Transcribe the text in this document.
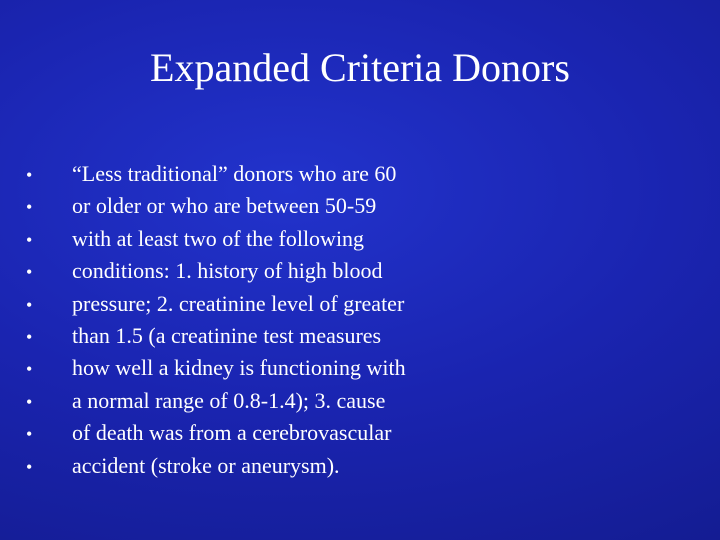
Expanded Criteria Donors
•	“Less traditional” donors who are 60
•	or older or who are between 50-59
•	with at least two of the following
•	conditions: 1. history of high blood
•	pressure; 2. creatinine level of greater
•	than 1.5 (a creatinine test measures
•	how well a kidney is functioning with
•	a normal range of 0.8-1.4); 3. cause
•	of death was from a cerebrovascular
•	accident (stroke or aneurysm).
